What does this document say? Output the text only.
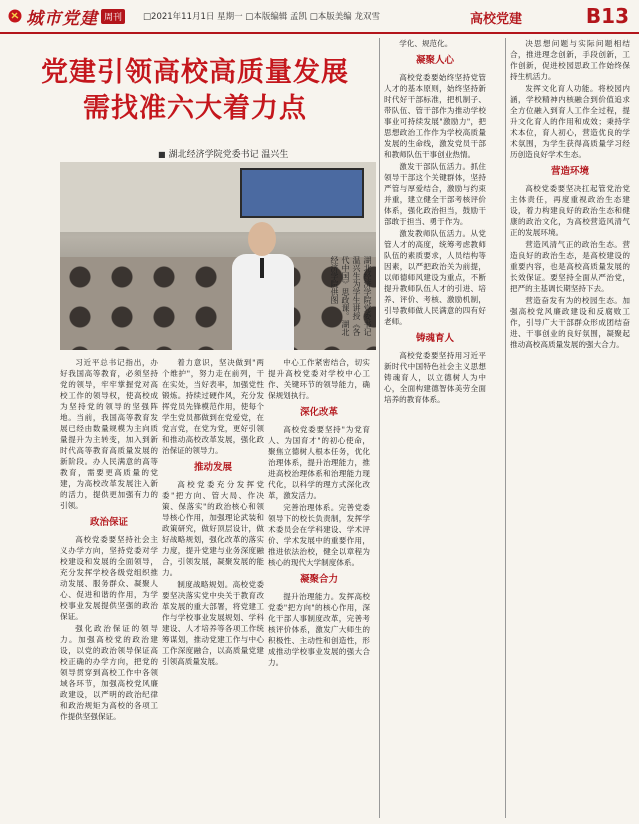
城市党建 周刊	□2021年11月1日 星期一 □本版编辑 孟凯 □本版美编 龙双雪	高校党建	B13
党建引领高校高质量发展
需找准六大着力点
■ 湖北经济学院党委书记 温兴生
湖北经济学院党委书记温兴生为学生讲授《各代中国》思政课。湖北经济学院供图

习近平总书记指出，办好我国高等教育，必须坚持党的领导，牢牢掌握党对高校工作的领导权，使高校成为坚持党的领导的坚强阵地。当前，我国高等教育发展已经由数量规模为主向质量提升为主转变，加入到新时代高等教育高质量发展的新阶段。办人民满意的高等教育，需要更高质量的党建，为高校改革发展注入新的活力，提供更加强有力的引领。

政治保证

高校党委要坚持社会主义办学方向，坚持党委对学校建设和发展的全面领导，充分发挥学校各级党组织推动发展、服务群众、凝聚人心、促进和谐的作用，为学校事业发展提供坚强的政治保证。

强化政治保证的领导力。加强高校党的政治建设，以党的政治领导保证高校正确的办学方向，把党的领导贯穿到高校工作中各领域各环节，加强高校党风廉政建设，以严明的政治纪律和政治规矩为高校的各项工作提供坚强保证。

着力意识，坚决做到"两个维护"，努力走在前列，干在实处，当好表率，加强党性锻炼。持续过硬作风，充分发挥党员先锋模范作用，使每个学生党员都做到在党爱党，在党言党，在党为党，更好引领和推动高校改革发展，强化政治保证的领导力。

推动发展

高校党委充分发挥党委"把方向、管大局、作决策、保落实"的政治核心和领导核心作用，加强理论武装和政策研究，做好顶层设计，做好战略规划，强化改革的落实力度，提升党建与业务深度融合，引领发展，凝聚发展的能力。

制度战略规划。高校党委要坚决落实党中央关于教育改革发展的重大部署，将党建工作与学校事业发展规划、学科建设、人才培养等各项工作统筹谋划，推动党建工作与中心工作深度融合，以高质量党建引领高质量发展。

中心工作紧密结合，切实提升高校党委对学校中心工作、关键环节的领导能力，确保规划执行。

深化改革

高校党委要坚持"为党育人、为国育才"的初心使命，聚焦立德树人根本任务，优化治理体系，提升治理能力，推进高校治理体系和治理能力现代化，以科学的理方式深化改革，激发活力。

完善治理体系。完善党委领导下的校长负责制，发挥学术委员会在学科建设、学术评价、学术发展中的重要作用，推进依法治校，健全以章程为核心的现代大学制度体系。

凝聚合力

提升治理能力。发挥高校党委"把方向"的核心作用，深化干部人事制度改革，完善考核评价体系，激发广大师生的积极性、主动性和创造性，形成推动学校事业发展的强大合力。

学化、规范化。

凝聚人心

高校党委要始终坚持党管人才的基本原则，始终坚持新时代好干部标准，把机制子、带队伍、管干部作为推动学校事业可持续发展"激励力"，把思想政治工作作为学校高质量发展的生命线，激发党员干部和教师队伍干事创业热情。

激发干部队伍活力。抓住领导干部这个关键群体，坚持严管与厚爱结合，激励与约束并重，建立健全干部考核评价体系，强化政治担当，鼓励干部敢于担当、勇于作为。

激发教师队伍活力。从党管人才的高度，统筹考虑教师队伍的素质要求，人员结构等因素，以严把政治关为前提，以师德师风建设为重点，不断提升教师队伍人才的引进、培养、评价、考核、激励机制，引导教师做人民满意的四有好老师。

铸魂育人

高校党委要坚持用习近平新时代中国特色社会主义思想铸魂育人，以立德树人为中心，全面构建德智体美劳全面培养的教育体系。

决思想问题与实际问题相结合，推进理念创新，手段创新，工作创新，促进校园思政工作始终保持生机活力。

发挥文化育人功能。将校园内涵，学校精神内核融合到价值追求全方位融入到育人工作全过程，提升文化育人的作用和成效；秉持学术本位，育人初心，营造优良的学术氛围，为学生获得高质量学习经历创造良好学术生态。

营造环境

高校党委要坚决扛起管党治党主体责任，再度重视政治生态建设，着力构建良好的政治生态和健康的政治文化，为高校营造风清气正的发展环境。

营造风清气正的政治生态。营造良好的政治生态，是高校建设的重要内容，也是高校高质量发展的长效保证。要坚持全面从严治党，把严的主基调长期坚持下去。

营造奋发有为的校园生态。加强高校党风廉政建设和反腐败工作，引导广大干部群众形成团结奋进、干事创业的良好氛围，凝聚起推动高校高质量发展的强大合力。
